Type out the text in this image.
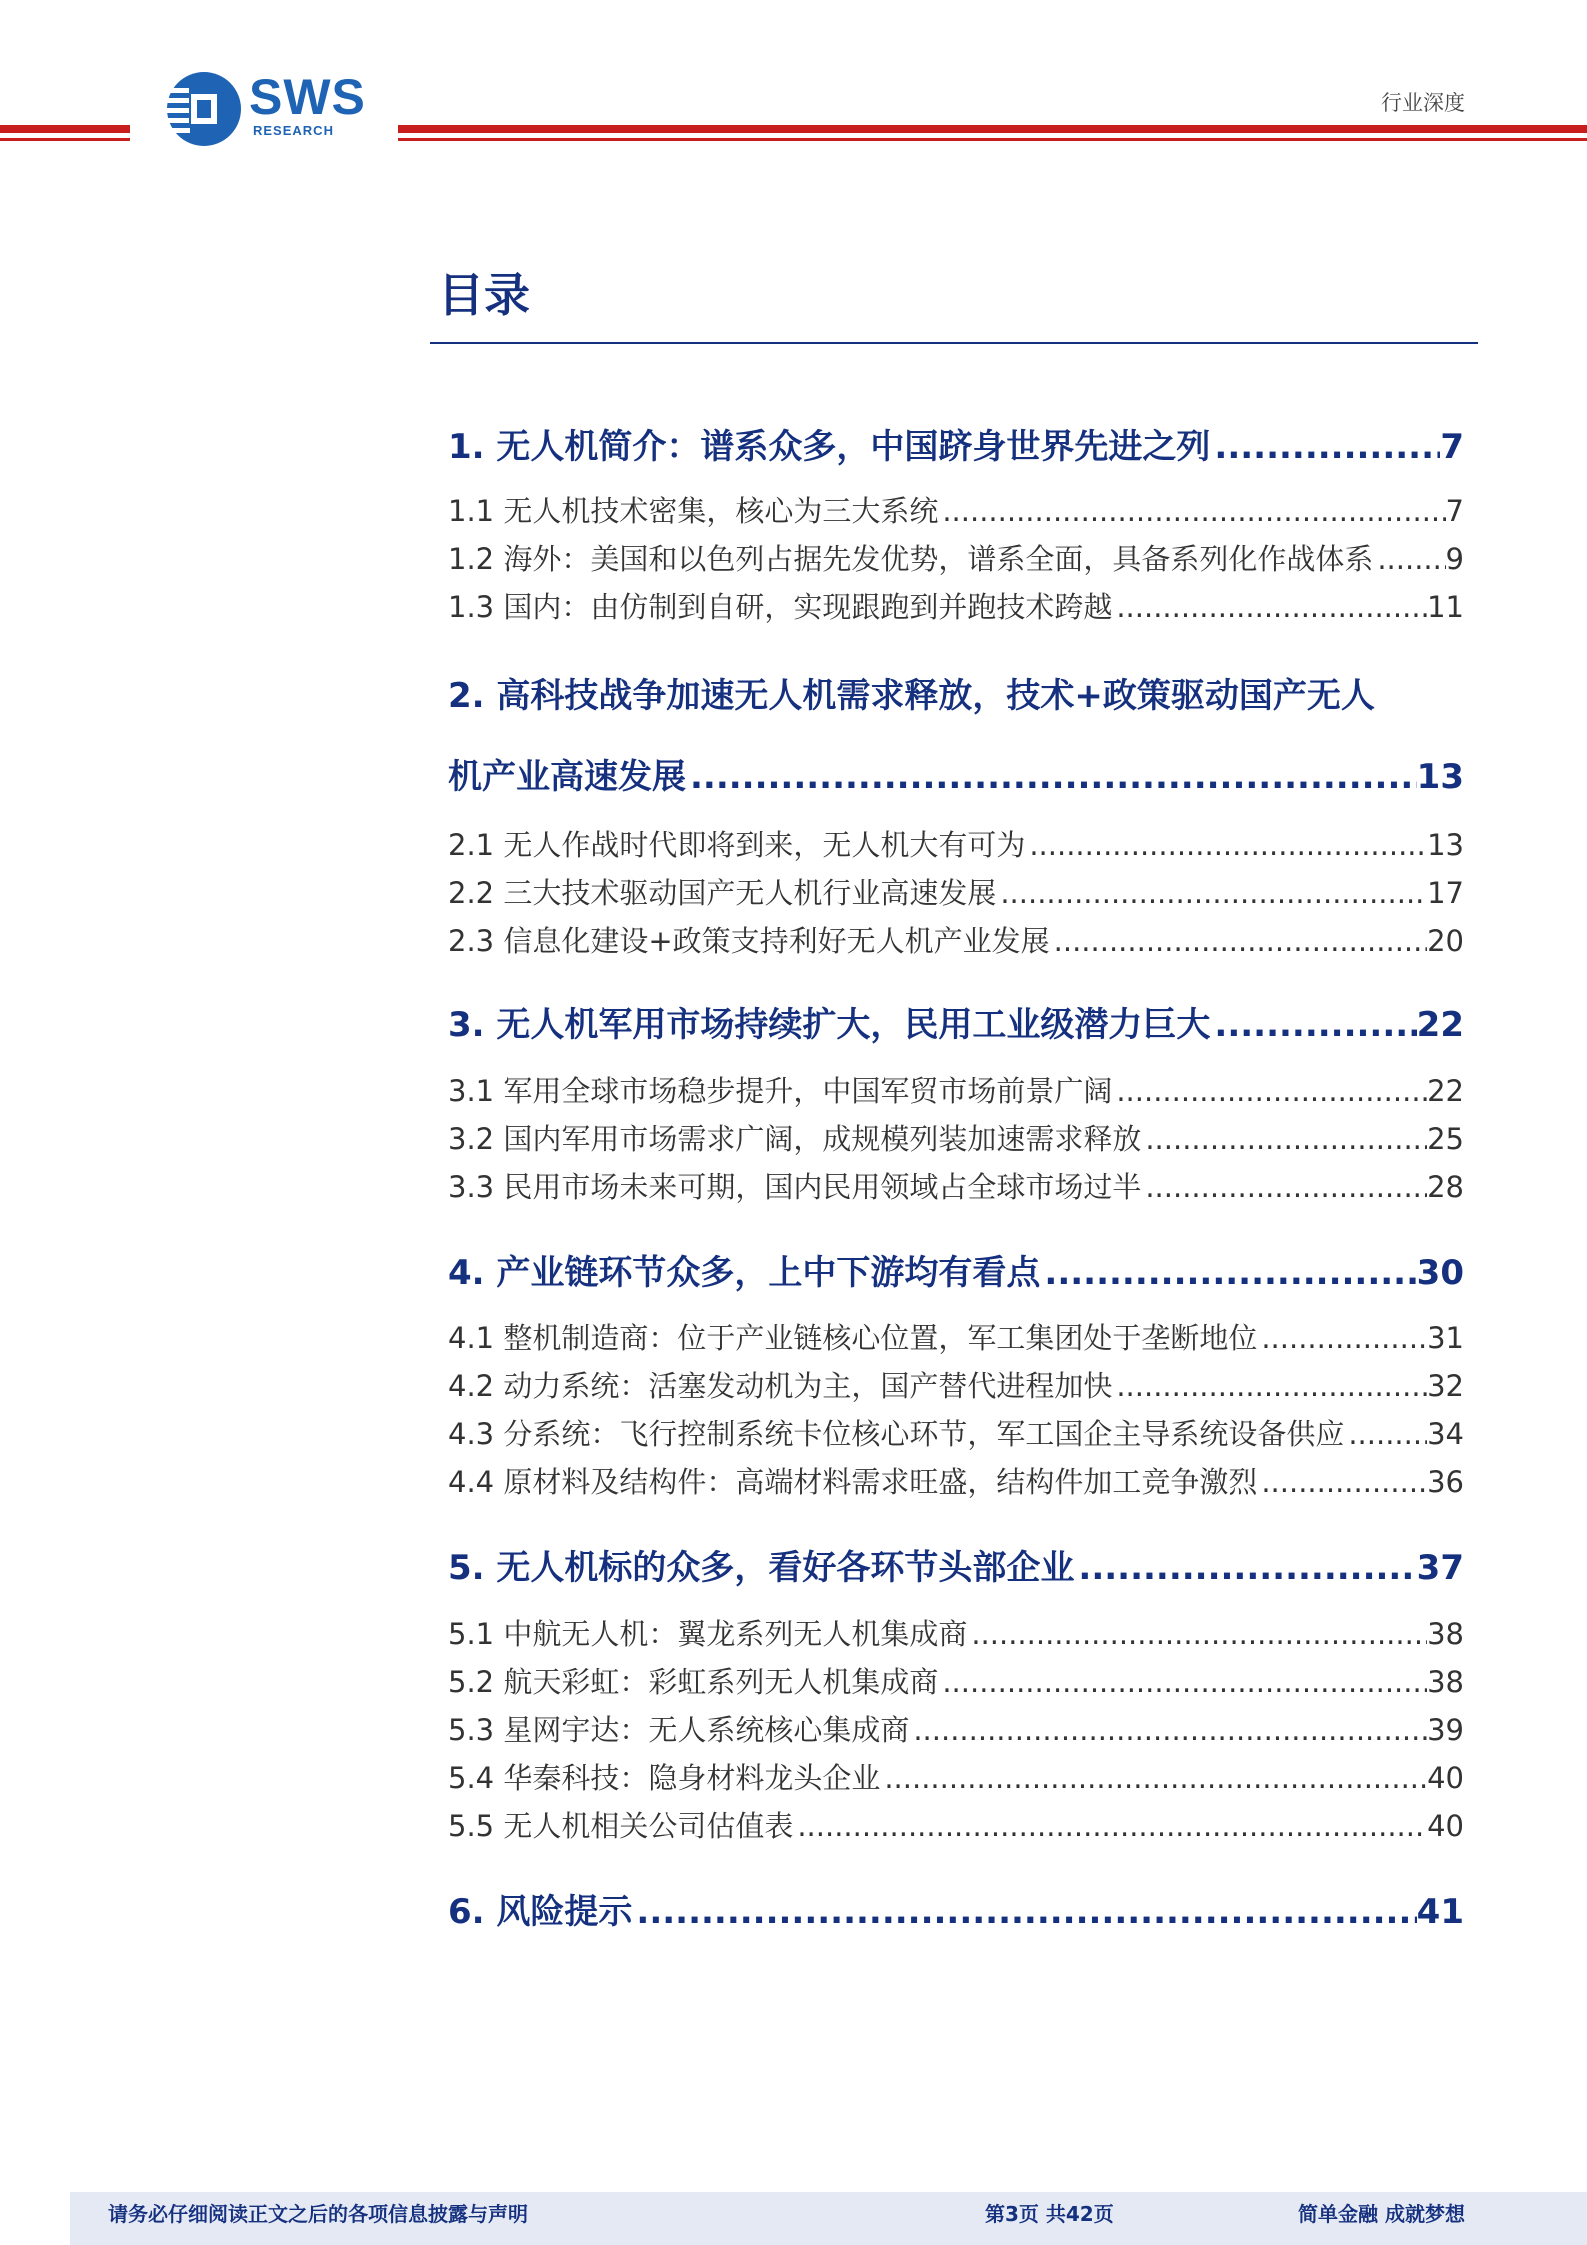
SWS
RESEARCH
行业深度
目录
1. 无人机简介：谱系众多，中国跻身世界先进之列 .....	7
1.1 无人机技术密集，核心为三大系统 .....	7
1.2 海外：美国和以色列占据先发优势，谱系全面，具备系列化作战体系 ..... 9
1.3 国内：由仿制到自研，实现跟跑到并跑技术跨越 .....	11
2. 高科技战争加速无人机需求释放，技术+政策驱动国产无人
机产业高速发展 .....	13
2.1 无人作战时代即将到来，无人机大有可为 .....	13
2.2 三大技术驱动国产无人机行业高速发展 .....	17
2.3 信息化建设+政策支持利好无人机产业发展 .....	20
3. 无人机军用市场持续扩大，民用工业级潜力巨大 .....	22
3.1 军用全球市场稳步提升，中国军贸市场前景广阔 .....	22
3.2 国内军用市场需求广阔，成规模列装加速需求释放 .....	25
3.3 民用市场未来可期，国内民用领域占全球市场过半 .....	28
4. 产业链环节众多，上中下游均有看点 .....	30
4.1 整机制造商：位于产业链核心位置，军工集团处于垄断地位 .....	31
4.2 动力系统：活塞发动机为主，国产替代进程加快 .....	32
4.3 分系统：飞行控制系统卡位核心环节，军工国企主导系统设备供应 .....	34
4.4 原材料及结构件：高端材料需求旺盛，结构件加工竞争激烈 .....	36
5. 无人机标的众多，看好各环节头部企业 .....	37
5.1 中航无人机：翼龙系列无人机集成商 .....	38
5.2 航天彩虹：彩虹系列无人机集成商 .....	38
5.3 星网宇达：无人系统核心集成商 .....	39
5.4 华秦科技：隐身材料龙头企业 .....	40
5.5 无人机相关公司估值表 .....	40
6. 风险提示 .....	41
请务必仔细阅读正文之后的各项信息披露与声明	第3页 共42页	简单金融 成就梦想
